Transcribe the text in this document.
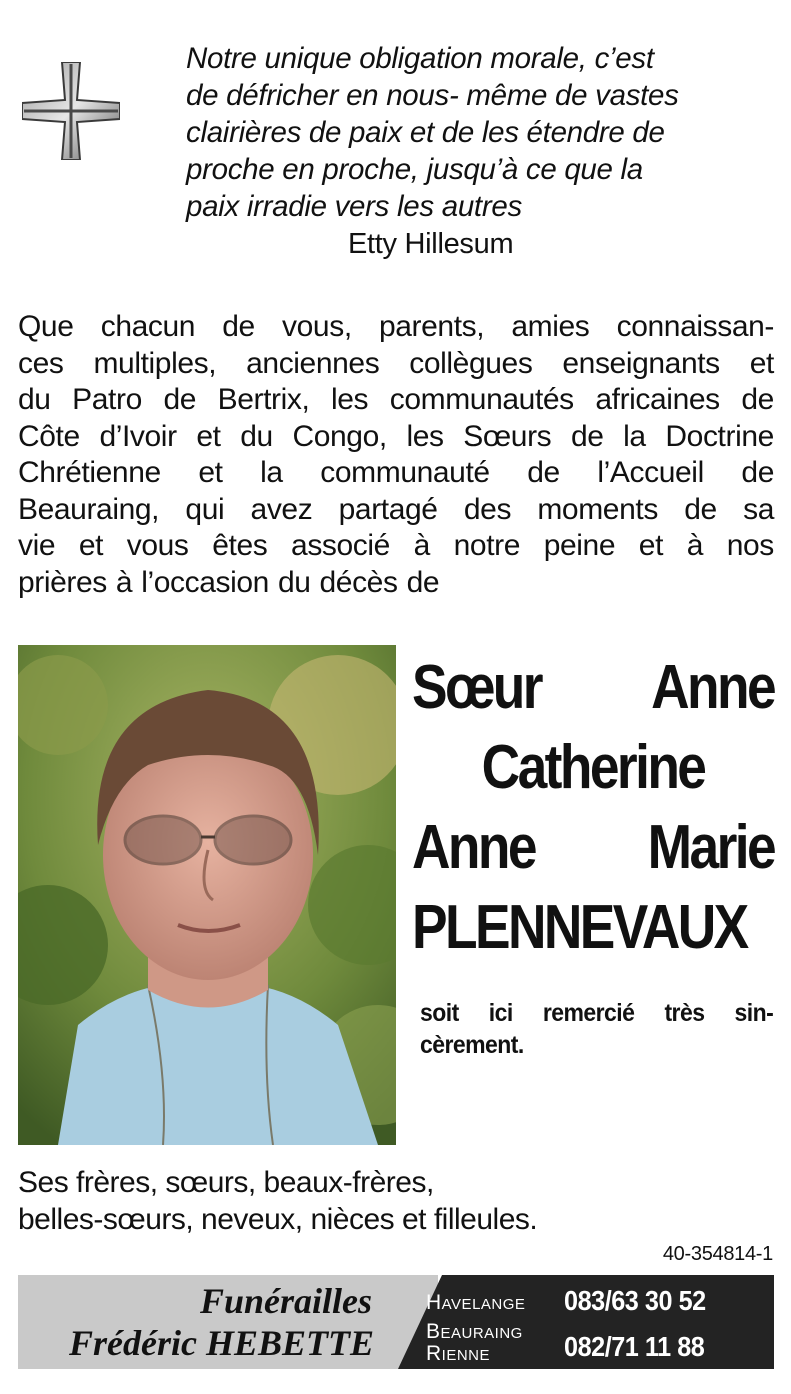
Notre unique obligation morale, c’est
de défricher en nous- même de vastes
clairières de paix et de les étendre de
proche en proche, jusqu’à ce que la
paix irradie vers les autres
Etty Hillesum
Que chacun de vous, parents, amies connaissan-
ces multiples, anciennes collègues enseignants et
du Patro de Bertrix, les communautés africaines de
Côte d’Ivoir et du Congo, les Sœurs de la Doctrine
Chrétienne et la communauté de l’Accueil de
Beauraing, qui avez partagé des moments de sa
vie et vous êtes associé à notre peine et à nos
prières à l’occasion du décès de
Sœur Anne
Catherine
Anne Marie
PLENNEVAUX
soit ici remercié très sin-
cèrement.
Ses frères, sœurs, beaux-frères,
belles-sœurs, neveux, nièces et filleules.
40-354814-1
Funérailles
Frédéric HEBETTE
Havelange 083/63 30 52
Beauraing
Rienne	082/71 11 88
